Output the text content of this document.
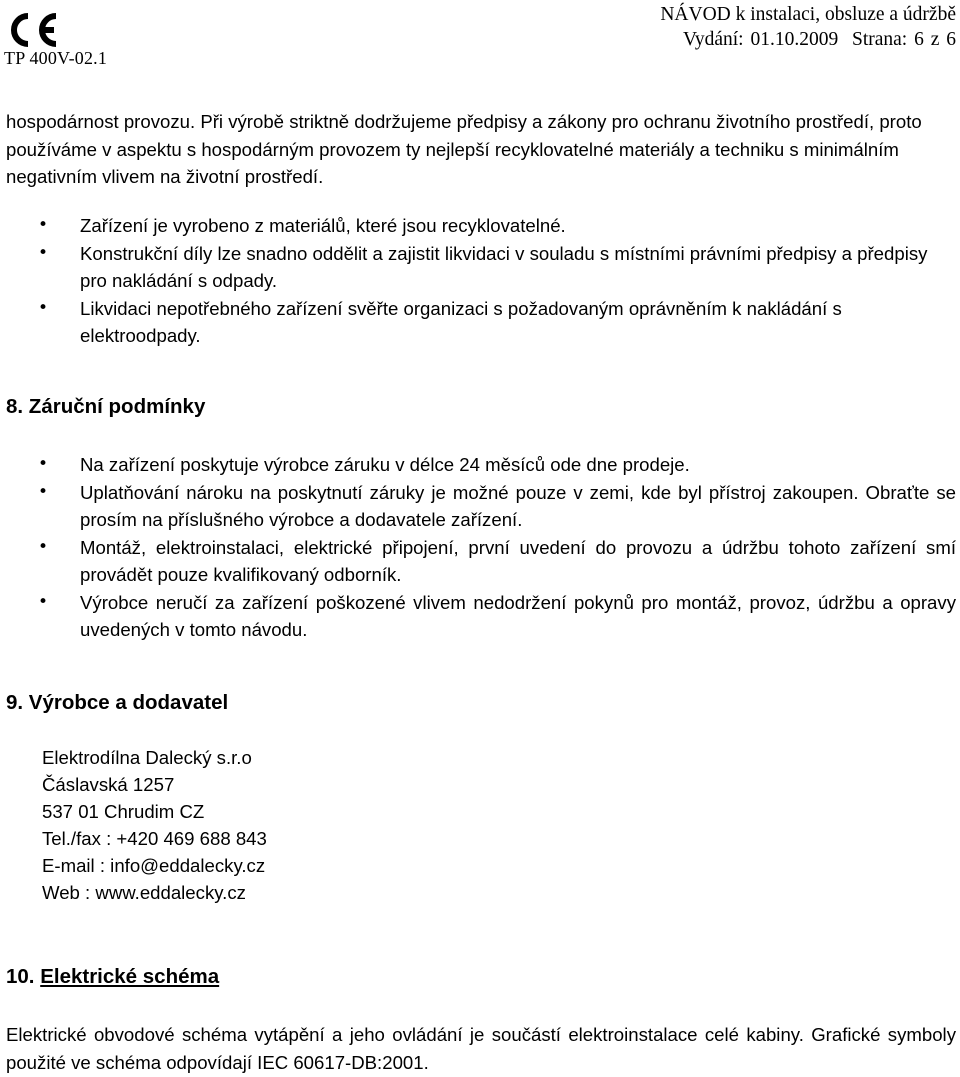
TP 400V-02.1
NÁVOD k instalaci, obsluze a údržbě
Vydání: 01.10.2009 Strana: 6 z 6
hospodárnost provozu. Při výrobě striktně dodržujeme předpisy a zákony pro ochranu životního prostředí, proto používáme v aspektu s hospodárným provozem ty nejlepší recyklovatelné materiály a techniku s minimálním negativním vlivem na životní prostředí.
• Zařízení je vyrobeno z materiálů, které jsou recyklovatelné.
• Konstrukční díly lze snadno oddělit a zajistit likvidaci v souladu s místními právními předpisy a předpisy pro nakládání s odpady.
• Likvidaci nepotřebného zařízení svěřte organizaci s požadovaným oprávněním k nakládání s elektroodpady.
8. Záruční podmínky
• Na zařízení poskytuje výrobce záruku v délce 24 měsíců ode dne prodeje.
• Uplatňování nároku na poskytnutí záruky je možné pouze v zemi, kde byl přístroj zakoupen. Obraťte se prosím na příslušného výrobce a dodavatele zařízení.
• Montáž, elektroinstalaci, elektrické připojení, první uvedení do provozu a údržbu tohoto zařízení smí provádět pouze kvalifikovaný odborník.
• Výrobce neručí za zařízení poškozené vlivem nedodržení pokynů pro montáž, provoz, údržbu a opravy uvedených v tomto návodu.
9. Výrobce a dodavatel
Elektrodílna Dalecký s.r.o
Čáslavská 1257
537 01 Chrudim CZ
Tel./fax : +420 469 688 843
E-mail : info@eddalecky.cz
Web : www.eddalecky.cz
10. Elektrické schéma
Elektrické obvodové schéma vytápění a jeho ovládání je součástí elektroinstalace celé kabiny. Grafické symboly použité ve schéma odpovídají IEC 60617-DB:2001.
